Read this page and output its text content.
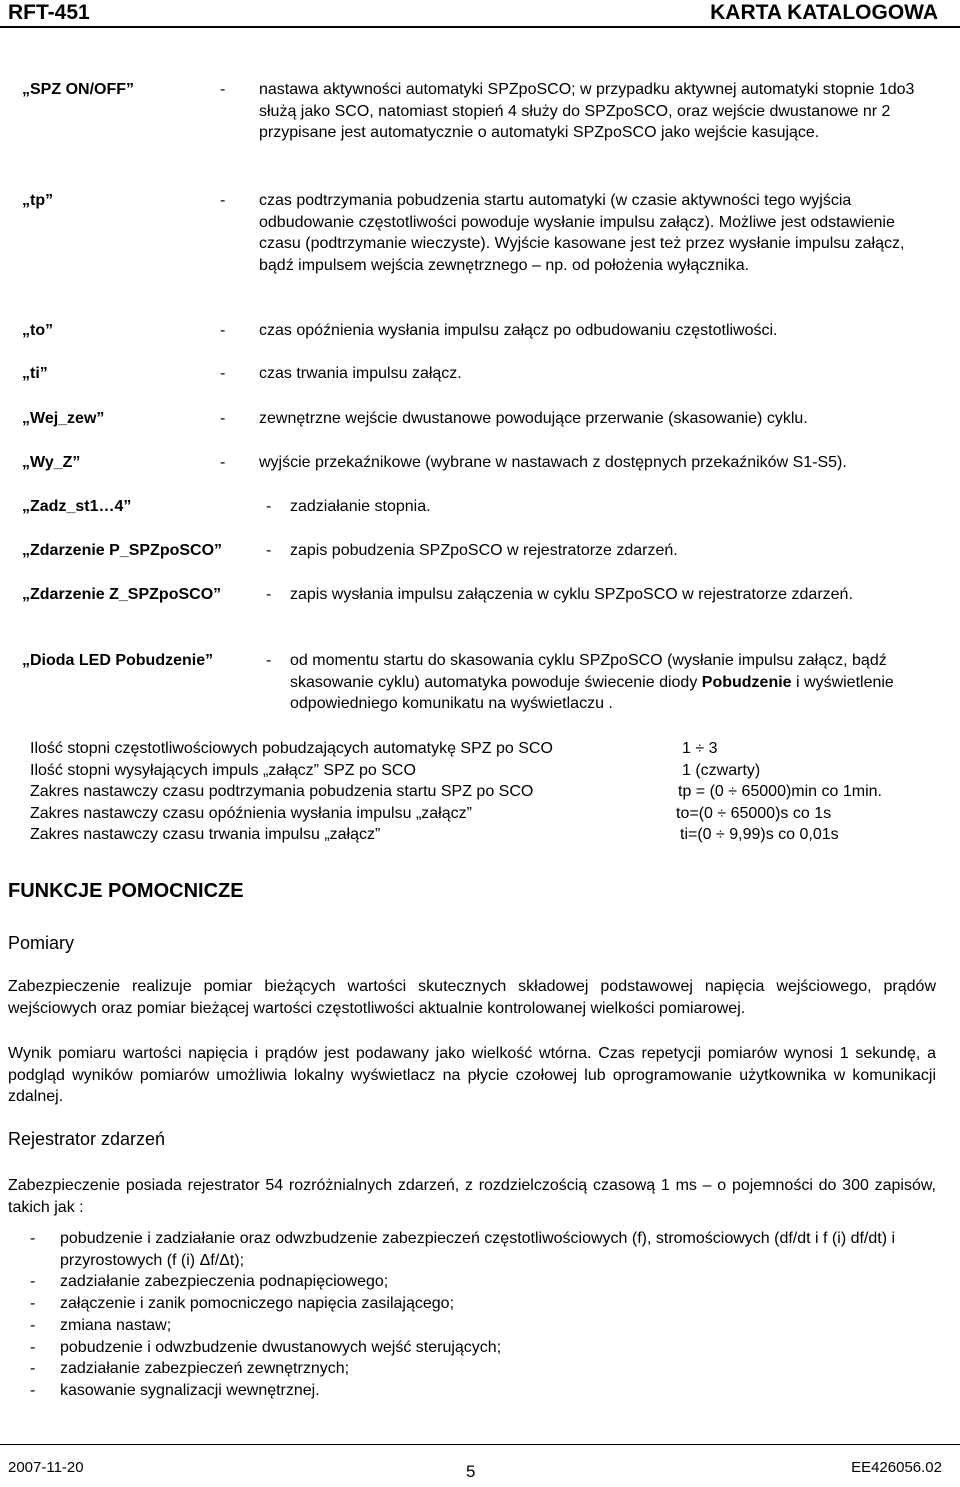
RFT-451	KARTA KATALOGOWA
„SPZ ON/OFF”	- nastawa aktywności automatyki SPZpoSCO; w przypadku aktywnej automatyki stopnie 1do3 służą jako SCO, natomiast stopień 4 służy do SPZpoSCO, oraz wejście dwustanowe nr 2 przypisane jest automatycznie o automatyki SPZpoSCO jako wejście kasujące.
„tp”	- czas podtrzymania pobudzenia startu automatyki (w czasie aktywności tego wyjścia odbudowanie częstotliwości powoduje wysłanie impulsu załącz). Możliwe jest odstawienie czasu (podtrzymanie wieczyste). Wyjście kasowane jest też przez wysłanie impulsu załącz, bądź impulsem wejścia zewnętrznego – np. od położenia wyłącznika.
„to”	- czas opóźnienia wysłania impulsu załącz po odbudowaniu częstotliwości.
„ti”	- czas trwania impulsu załącz.
„Wej_zew”	- zewnętrzne wejście dwustanowe powodujące przerwanie (skasowanie) cyklu.
„Wy_Z”	- wyjście przekaźnikowe (wybrane w nastawach z dostępnych przekaźników S1-S5).
„Zadz_st1…4”	- zadziałanie stopnia.
„Zdarzenie P_SPZpoSCO”	- zapis pobudzenia SPZpoSCO w rejestratorze zdarzeń.
„Zdarzenie Z_SPZpoSCO”	- zapis wysłania impulsu załączenia w cyklu SPZpoSCO w rejestratorze zdarzeń.
„Dioda LED Pobudzenie”	- od momentu startu do skasowania cyklu SPZpoSCO (wysłanie impulsu załącz, bądź skasowanie cyklu) automatyka powoduje świecenie diody Pobudzenie i wyświetlenie odpowiedniego komunikatu na wyświetlaczu .
Ilość stopni częstotliwościowych pobudzających automatykę SPZ po SCO	1 ÷ 3
Ilość stopni wysyłających impuls „załącz” SPZ po SCO	1 (czwarty)
Zakres nastawczy czasu podtrzymania pobudzenia startu SPZ po SCO	tp = (0 ÷ 65000)min co 1min.
Zakres nastawczy czasu opóźnienia wysłania impulsu „załącz”	to=(0 ÷ 65000)s co 1s
Zakres nastawczy czasu trwania impulsu „załącz”	ti=(0 ÷ 9,99)s co 0,01s
FUNKCJE POMOCNICZE
Pomiary
Zabezpieczenie realizuje pomiar bieżących wartości skutecznych składowej podstawowej napięcia wejściowego, prądów wejściowych oraz pomiar bieżącej wartości częstotliwości aktualnie kontrolowanej wielkości pomiarowej.
Wynik pomiaru wartości napięcia i prądów jest podawany jako wielkość wtórna. Czas repetycji pomiarów wynosi 1 sekundę, a podgląd wyników pomiarów umożliwia lokalny wyświetlacz na płycie czołowej lub oprogramowanie użytkownika w komunikacji zdalnej.
Rejestrator zdarzeń
Zabezpieczenie posiada rejestrator 54 rozróżnialnych zdarzeń, z rozdzielczością czasową 1 ms – o pojemności do 300 zapisów, takich jak :
- pobudzenie i zadziałanie oraz odwzbudzenie zabezpieczeń częstotliwościowych (f), stromościowych (df/dt i f (i) df/dt) i przyrostowych (f (i) Δf/Δt);
- zadziałanie zabezpieczenia podnapięciowego;
- załączenie i zanik pomocniczego napięcia zasilającego;
- zmiana nastaw;
- pobudzenie i odwzbudzenie dwustanowych wejść sterujących;
- zadziałanie zabezpieczeń zewnętrznych;
- kasowanie sygnalizacji wewnętrznej.
2007-11-20	5	EE426056.02
